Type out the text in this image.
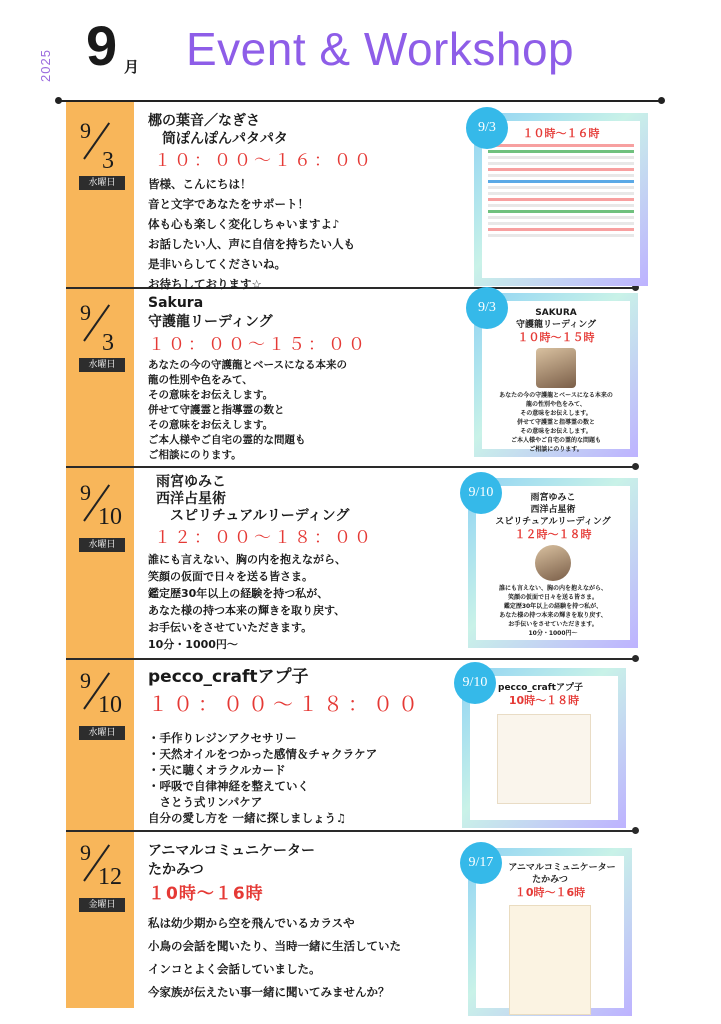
2025 9 月 Event & Workshop
9
3
水曜日
梛の葉音／なぎさ
　筒ぽんぽんパタパタ
１０：００〜１６：００
皆様、こんにちは！
音と文字であなたをサポート！
体も心も楽しく変化しちゃいますよ♪
お話したい人、声に自信を持ちたい人も
是非いらしてくださいね。
お待ちしております☆
１０時〜１６時
9/3
9
3
水曜日
Sakura
守護龍リーディング
１０：００〜１５：００
あなたの今の守護龍とベースになる本来の
龍の性別や色をみて、
その意味をお伝えします。
併せて守護霊と指導霊の数と
その意味をお伝えします。
ご本人様やご自宅の霊的な問題も
ご相談にのります。
SAKURA
守護龍リーディング
１０時〜１５時
あなたの今の守護龍とベースになる本来の
龍の性別や色をみて、
その意味をお伝えします。
併せて守護霊と指導霊の数と
その意味をお伝えします。
ご本人様やご自宅の霊的な問題も
ご相談にのります。
9/3
9
10
水曜日
雨宮ゆみこ
西洋占星術
　スピリチュアルリーディング
１２：００〜１８：００
誰にも言えない、胸の内を抱えながら、
笑顔の仮面で日々を送る皆さま。
鑑定歴30年以上の経験を持つ私が、
あなた様の持つ本来の輝きを取り戻す、
お手伝いをさせていただきます。
10分・1000円〜
雨宮ゆみこ
西洋占星術
スピリチュアルリーディング
１２時〜１８時
誰にも言えない、胸の内を抱えながら、
笑顔の仮面で日々を送る皆さま。
鑑定歴30年以上の経験を持つ私が、
あなた様の持つ本来の輝きを取り戻す、
お手伝いをさせていただきます。
10分・1000円〜
9/10
9
10
水曜日
pecco_craftアプ子
１０：００〜１８：００
・手作りレジンアクセサリー
・天然オイルをつかった感情＆チャクラケア
・天に聴くオラクルカード
・呼吸で自律神経を整えていく
　さとう式リンパケア
自分の愛し方を 一緒に探しましょう♫
pecco_craftアプ子
10時〜１８時
9/10
9
12
金曜日
アニマルコミュニケーター
たかみつ
１0時〜１6時
私は幼少期から空を飛んでいるカラスや
小鳥の会話を聞いたり、当時一緒に生活していた
インコとよく会話していました。
今家族が伝えたい事一緒に聞いてみませんか？
アニマルコミュニケーター
たかみつ
１0時〜１6時
9/17
